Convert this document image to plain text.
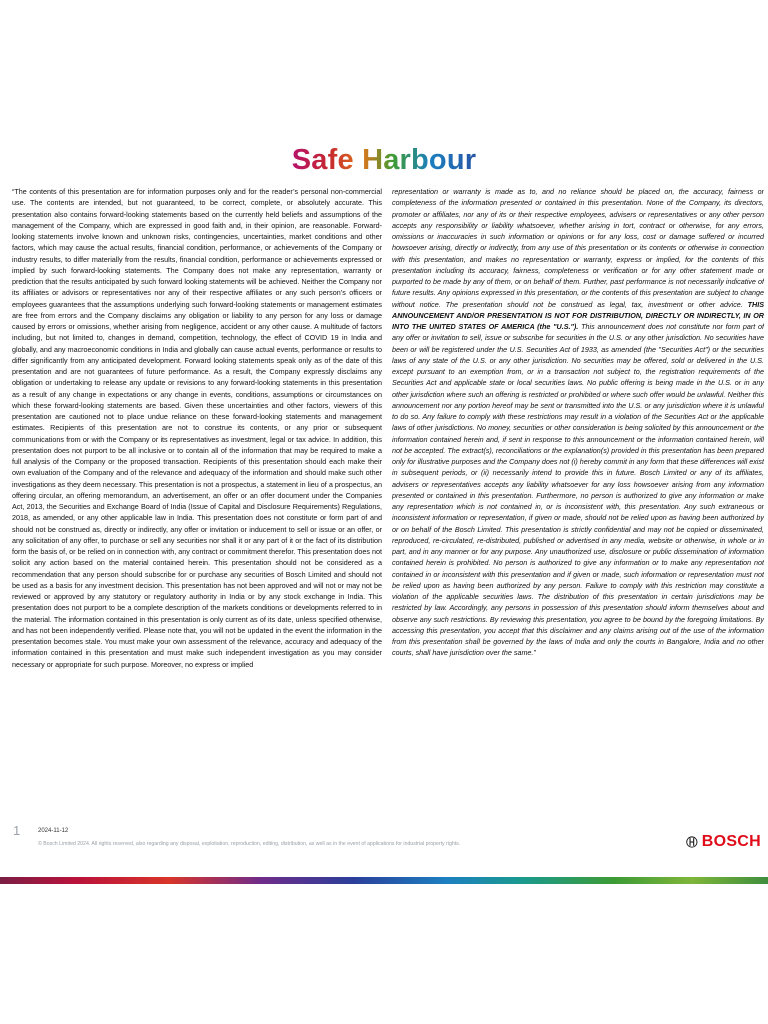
Safe Harbour

“The contents of this presentation are for information purposes only and for the reader’s personal non-commercial use. The contents are intended, but not guaranteed, to be correct, complete, or absolutely accurate. This presentation also contains forward-looking statements based on the currently held beliefs and assumptions of the management of the Company, which are expressed in good faith and, in their opinion, are reasonable. Forward-looking statements involve known and unknown risks, contingencies, uncertainties, market conditions and other factors, which may cause the actual results, financial condition, performance, or achievements of the Company or industry results, to differ materially from the results, financial condition, performance or achievements expressed or implied by such forward-looking statements. The Company does not make any representation, warranty or prediction that the results anticipated by such forward looking statements will be achieved. Neither the Company nor its affiliates or advisors or representatives nor any of their respective affiliates or any such person’s officers or employees guarantees that the assumptions underlying such forward-looking statements or management estimates are free from errors and the Company disclaims any obligation or liability to any person for any loss or damage caused by errors or omissions, whether arising from negligence, accident or any other cause. A multitude of factors including, but not limited to, changes in demand, competition, technology, the effect of COVID 19 in India and globally, and any macroeconomic conditions in India and globally can cause actual events, performance or results to differ significantly from any anticipated development. Forward looking statements speak only as of the date of this presentation and are not guarantees of future performance. As a result, the Company expressly disclaims any obligation or undertaking to release any update or revisions to any forward-looking statements in this presentation as a result of any change in expectations or any change in events, conditions, assumptions or circumstances on which these forward-looking statements are based. Given these uncertainties and other factors, viewers of this presentation are cautioned not to place undue reliance on these forward-looking statements and management estimates. Recipients of this presentation are not to construe its contents, or any prior or subsequent communications from or with the Company or its representatives as investment, legal or tax advice. In addition, this presentation does not purport to be all inclusive or to contain all of the information that may be required to make a full analysis of the Company or the proposed transaction. Recipients of this presentation should each make their own evaluation of the Company and of the relevance and adequacy of the information and should make such other investigations as they deem necessary. This presentation is not a prospectus, a statement in lieu of a prospectus, an offering circular, an offering memorandum, an advertisement, an offer or an offer document under the Companies Act, 2013, the Securities and Exchange Board of India (Issue of Capital and Disclosure Requirements) Regulations, 2018, as amended, or any other applicable law in India. This presentation does not constitute or form part of and should not be construed as, directly or indirectly, any offer or invitation or inducement to sell or issue or an offer, or any solicitation of any offer, to purchase or sell any securities nor shall it or any part of it or the fact of its distribution form the basis of, or be relied on in connection with, any contract or commitment therefor. This presentation does not solicit any action based on the material contained herein. This presentation should not be considered as a recommendation that any person should subscribe for or purchase any securities of Bosch Limited and should not be used as a basis for any investment decision. This presentation has not been approved and will not or may not be reviewed or approved by any statutory or regulatory authority in India or by any stock exchange in India. This presentation does not purport to be a complete description of the markets conditions or developments referred to in the material. The information contained in this presentation is only current as of its date, unless specified otherwise, and has not been independently verified. Please note that, you will not be updated in the event the information in the presentation becomes stale. You must make your own assessment of the relevance, accuracy and adequacy of the information contained in this presentation and must make such independent investigation as you may consider necessary or appropriate for such purpose. Moreover, no express or implied

representation or warranty is made as to, and no reliance should be placed on, the accuracy, fairness or completeness of the information presented or contained in this presentation. None of the Company, its directors, promoter or affiliates, nor any of its or their respective employees, advisers or representatives or any other person accepts any responsibility or liability whatsoever, whether arising in tort, contract or otherwise, for any errors, omissions or inaccuracies in such information or opinions or for any loss, cost or damage suffered or incurred howsoever arising, directly or indirectly, from any use of this presentation or its contents or otherwise in connection with this presentation, and makes no representation or warranty, express or implied, for the contents of this presentation including its accuracy, fairness, completeness or verification or for any other statement made or purported to be made by any of them, or on behalf of them. Further, past performance is not necessarily indicative of future results. Any opinions expressed in this presentation, or the contents of this presentation are subject to change without notice. The presentation should not be construed as legal, tax, investment or other advice. THIS ANNOUNCEMENT AND/OR PRESENTATION IS NOT FOR DISTRIBUTION, DIRECTLY OR INDIRECTLY, IN OR INTO THE UNITED STATES OF AMERICA (the "U.S."). This announcement does not constitute nor form part of any offer or invitation to sell, issue or subscribe for securities in the U.S. or any other jurisdiction. No securities have been or will be registered under the U.S. Securities Act of 1933, as amended (the "Securities Act") or the securities laws of any state of the U.S. or any other jurisdiction. No securities may be offered, sold or delivered in the U.S. except pursuant to an exemption from, or in a transaction not subject to, the registration requirements of the Securities Act and applicable state or local securities laws. No public offering is being made in the U.S. or in any other jurisdiction where such an offering is restricted or prohibited or where such offer would be unlawful. Neither this announcement nor any portion hereof may be sent or transmitted into the U.S. or any jurisdiction where it is unlawful to do so. Any failure to comply with these restrictions may result in a violation of the Securities Act or the applicable laws of other jurisdictions. No money, securities or other consideration is being solicited by this announcement or the information contained herein and, if sent in response to this announcement or the information contained herein, will not be accepted. The extract(s), reconciliations or the explanation(s) provided in this presentation has been prepared only for illustrative purposes and the Company does not (i) hereby commit in any form that these differences will exist in subsequent periods, or (ii) necessarily intend to provide this in future. Bosch Limited or any of its affiliates, advisers or representatives accepts any liability whatsoever for any loss howsoever arising from any information presented or contained in this presentation. Furthermore, no person is authorized to give any information or make any representation which is not contained in, or is inconsistent with, this presentation. Any such extraneous or inconsistent information or representation, if given or made, should not be relied upon as having been authorized by or on behalf of the Bosch Limited. This presentation is strictly confidential and may not be copied or disseminated, reproduced, re-circulated, re-distributed, published or advertised in any media, website or otherwise, in whole or in part, and in any manner or for any purpose. Any unauthorized use, disclosure or public dissemination of information contained herein is prohibited. No person is authorized to give any information or to make any representation not contained in or inconsistent with this presentation and if given or made, such information or representation must not be relied upon as having been authorized by any person. Failure to comply with this restriction may constitute a violation of the applicable securities laws. The distribution of this presentation in certain jurisdictions may be restricted by law. Accordingly, any persons in possession of this presentation should inform themselves about and observe any such restrictions. By reviewing this presentation, you agree to be bound by the foregoing limitations. By accessing this presentation, you accept that this disclaimer and any claims arising out of the use of the information from this presentation shall be governed by the laws of India and only the courts in Bangalore, India and no other courts, shall have jurisdiction over the same.”

1	2024-11-12
© Bosch Limited 2024. All rights reserved, also regarding any disposal, exploitation, reproduction, editing, distribution, as well as in the event of applications for industrial property rights.	BOSCH
